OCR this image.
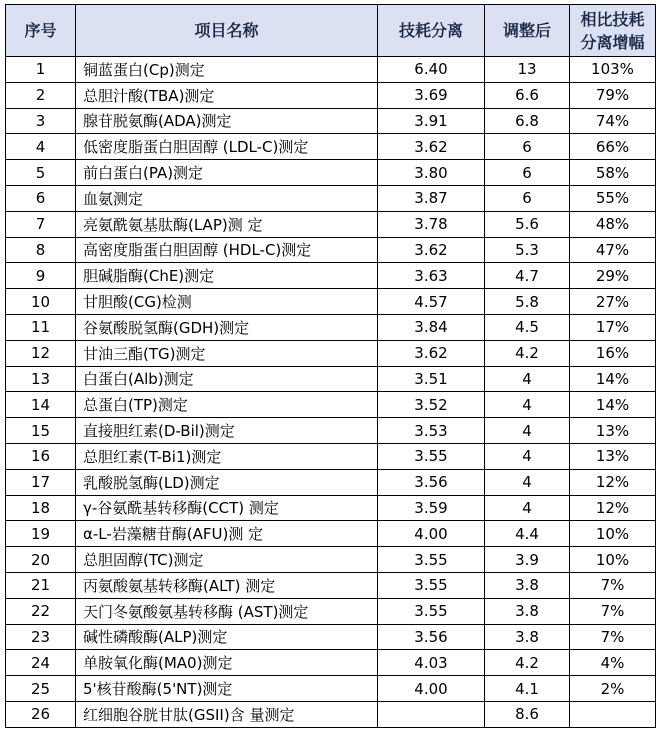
序号	项目名称	技耗分离	调整后	相比技耗分离增幅
1	铜蓝蛋白(Cp)测定	6.40	13	103%
2	总胆汁酸(TBA)测定	3.69	6.6	79%
3	腺苷脱氨酶(ADA)测定	3.91	6.8	74%
4	低密度脂蛋白胆固醇 (LDL-C)测定	3.62	6	66%
5	前白蛋白(PA)测定	3.80	6	58%
6	血氨测定	3.87	6	55%
7	亮氨酰氨基肽酶(LAP)测 定	3.78	5.6	48%
8	高密度脂蛋白胆固醇 (HDL-C)测定	3.62	5.3	47%
9	胆碱脂酶(ChE)测定	3.63	4.7	29%
10	甘胆酸(CG)检测	4.57	5.8	27%
11	谷氨酸脱氢酶(GDH)测定	3.84	4.5	17%
12	甘油三酯(TG)测定	3.62	4.2	16%
13	白蛋白(Alb)测定	3.51	4	14%
14	总蛋白(TP)测定	3.52	4	14%
15	直接胆红素(D-Bil)测定	3.53	4	13%
16	总胆红素(T-Bi1)测定	3.55	4	13%
17	乳酸脱氢酶(LD)测定	3.56	4	12%
18	γ-谷氨酰基转移酶(CCT) 测定	3.59	4	12%
19	α-L-岩藻糖苷酶(AFU)测 定	4.00	4.4	10%
20	总胆固醇(TC)测定	3.55	3.9	10%
21	丙氨酸氨基转移酶(ALT) 测定	3.55	3.8	7%
22	天门冬氨酸氨基转移酶 (AST)测定	3.55	3.8	7%
23	碱性磷酸酶(ALP)测定	3.56	3.8	7%
24	单胺氧化酶(MA0)测定	4.03	4.2	4%
25	5'核苷酸酶(5'NT)测定	4.00	4.1	2%
26	红细胞谷胱甘肽(GSII)含 量测定		8.6	
